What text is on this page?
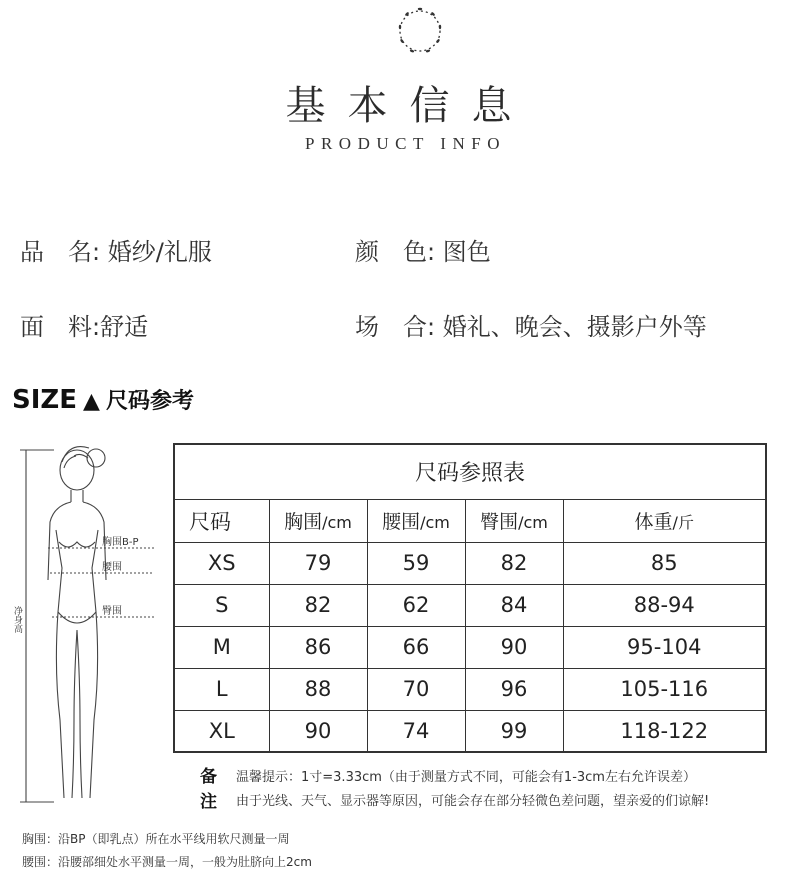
基本信息
PRODUCT INFO
品　名: 婚纱/礼服	颜　色: 图色
面　料:舒适	场　合: 婚礼、晚会、摄影户外等
SIZE ▲ 尺码参考
胸围B-P
腰围
臀围
净身高
尺码参照表				
尺码	胸围/cm	腰围/cm	臀围/cm	体重/斤
XS	79	59	82	85
S	82	62	84	88-94
M	86	66	90	95-104
L	88	70	96	105-116
XL	90	74	99	118-122
备
注
温馨提示：1寸=3.33cm（由于测量方式不同，可能会有1-3cm左右允许误差）
由于光线、天气、显示器等原因，可能会存在部分轻微色差问题，望亲爱的们谅解!
胸围：沿BP（即乳点）所在水平线用软尺测量一周
腰围：沿腰部细处水平测量一周，一般为肚脐向上2cm
